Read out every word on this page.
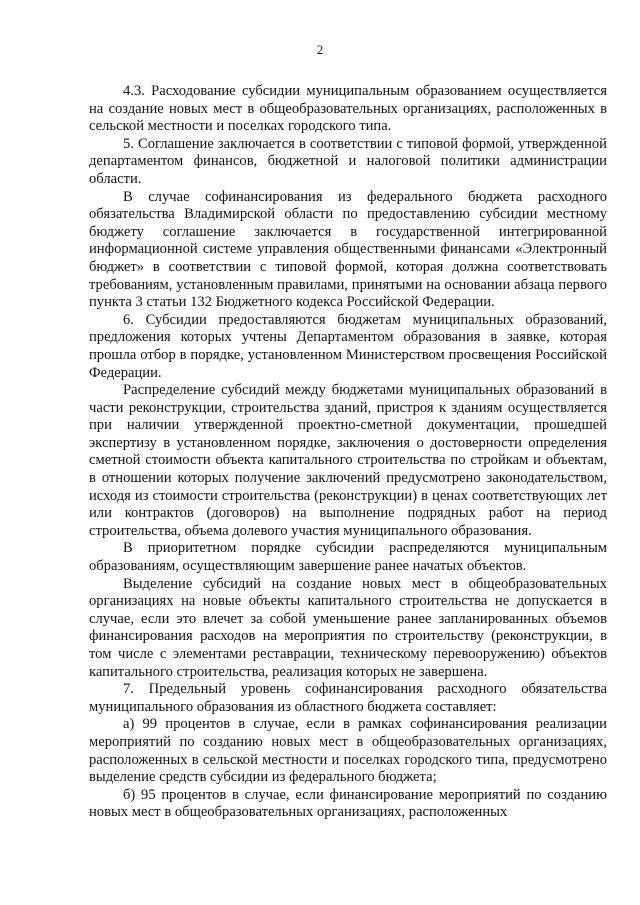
2

4.3. Расходование субсидии муниципальным образованием осуществляется на создание новых мест в общеобразовательных организациях, расположенных в сельской местности и поселках городского типа.

5. Соглашение заключается в соответствии с типовой формой, утвержденной департаментом финансов, бюджетной и налоговой политики администрации области.

В случае софинансирования из федерального бюджета расходного обязательства Владимирской области по предоставлению субсидии местному бюджету соглашение заключается в государственной интегрированной информационной системе управления общественными финансами «Электронный бюджет» в соответствии с типовой формой, которая должна соответствовать требованиям, установленным правилами, принятыми на основании абзаца первого пункта 3 статьи 132 Бюджетного кодекса Российской Федерации.

6. Субсидии предоставляются бюджетам муниципальных образований, предложения которых учтены Департаментом образования в заявке, которая прошла отбор в порядке, установленном Министерством просвещения Российской Федерации.

Распределение субсидий между бюджетами муниципальных образований в части реконструкции, строительства зданий, пристроя к зданиям осуществляется при наличии утвержденной проектно-сметной документации, прошедшей экспертизу в установленном порядке, заключения о достоверности определения сметной стоимости объекта капитального строительства по стройкам и объектам, в отношении которых получение заключений предусмотрено законодательством, исходя из стоимости строительства (реконструкции) в ценах соответствующих лет или контрактов (договоров) на выполнение подрядных работ на период строительства, объема долевого участия муниципального образования.

В приоритетном порядке субсидии распределяются муниципальным образованиям, осуществляющим завершение ранее начатых объектов.

Выделение субсидий на создание новых мест в общеобразовательных организациях на новые объекты капитального строительства не допускается в случае, если это влечет за собой уменьшение ранее запланированных объемов финансирования расходов на мероприятия по строительству (реконструкции, в том числе с элементами реставрации, техническому перевооружению) объектов капитального строительства, реализация которых не завершена.

7. Предельный уровень софинансирования расходного обязательства муниципального образования из областного бюджета составляет:

а) 99 процентов в случае, если в рамках софинансирования реализации мероприятий по созданию новых мест в общеобразовательных организациях, расположенных в сельской местности и поселках городского типа, предусмотрено выделение средств субсидии из федерального бюджета;

б) 95 процентов в случае, если финансирование мероприятий по созданию новых мест в общеобразовательных организациях, расположенных
